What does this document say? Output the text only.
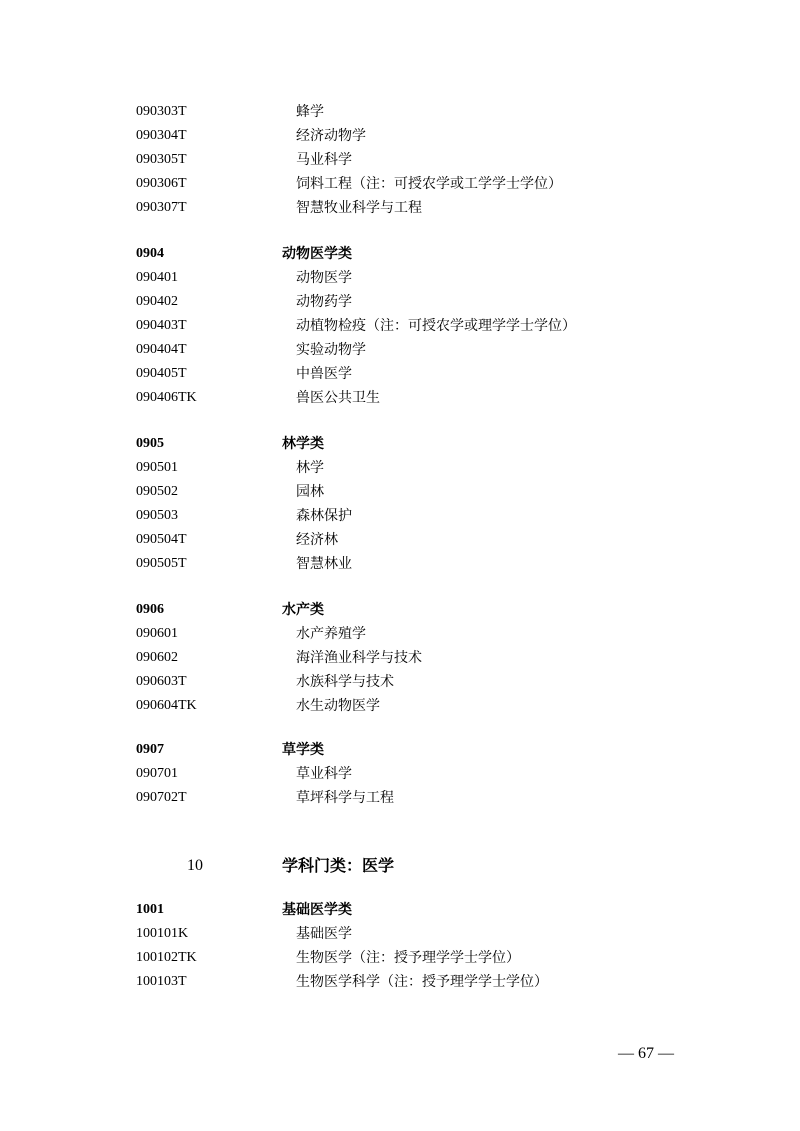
090303T	蜂学
090304T	经济动物学
090305T	马业科学
090306T	饲料工程（注：可授农学或工学学士学位）
090307T	智慧牧业科学与工程
0904	动物医学类
090401	动物医学
090402	动物药学
090403T	动植物检疫（注：可授农学或理学学士学位）
090404T	实验动物学
090405T	中兽医学
090406TK	兽医公共卫生
0905	林学类
090501	林学
090502	园林
090503	森林保护
090504T	经济林
090505T	智慧林业
0906	水产类
090601	水产养殖学
090602	海洋渔业科学与技术
090603T	水族科学与技术
090604TK	水生动物医学
0907	草学类
090701	草业科学
090702T	草坪科学与工程
10	学科门类：医学
1001	基础医学类
100101K	基础医学
100102TK	生物医学（注：授予理学学士学位）
100103T	生物医学科学（注：授予理学学士学位）
— 67 —
